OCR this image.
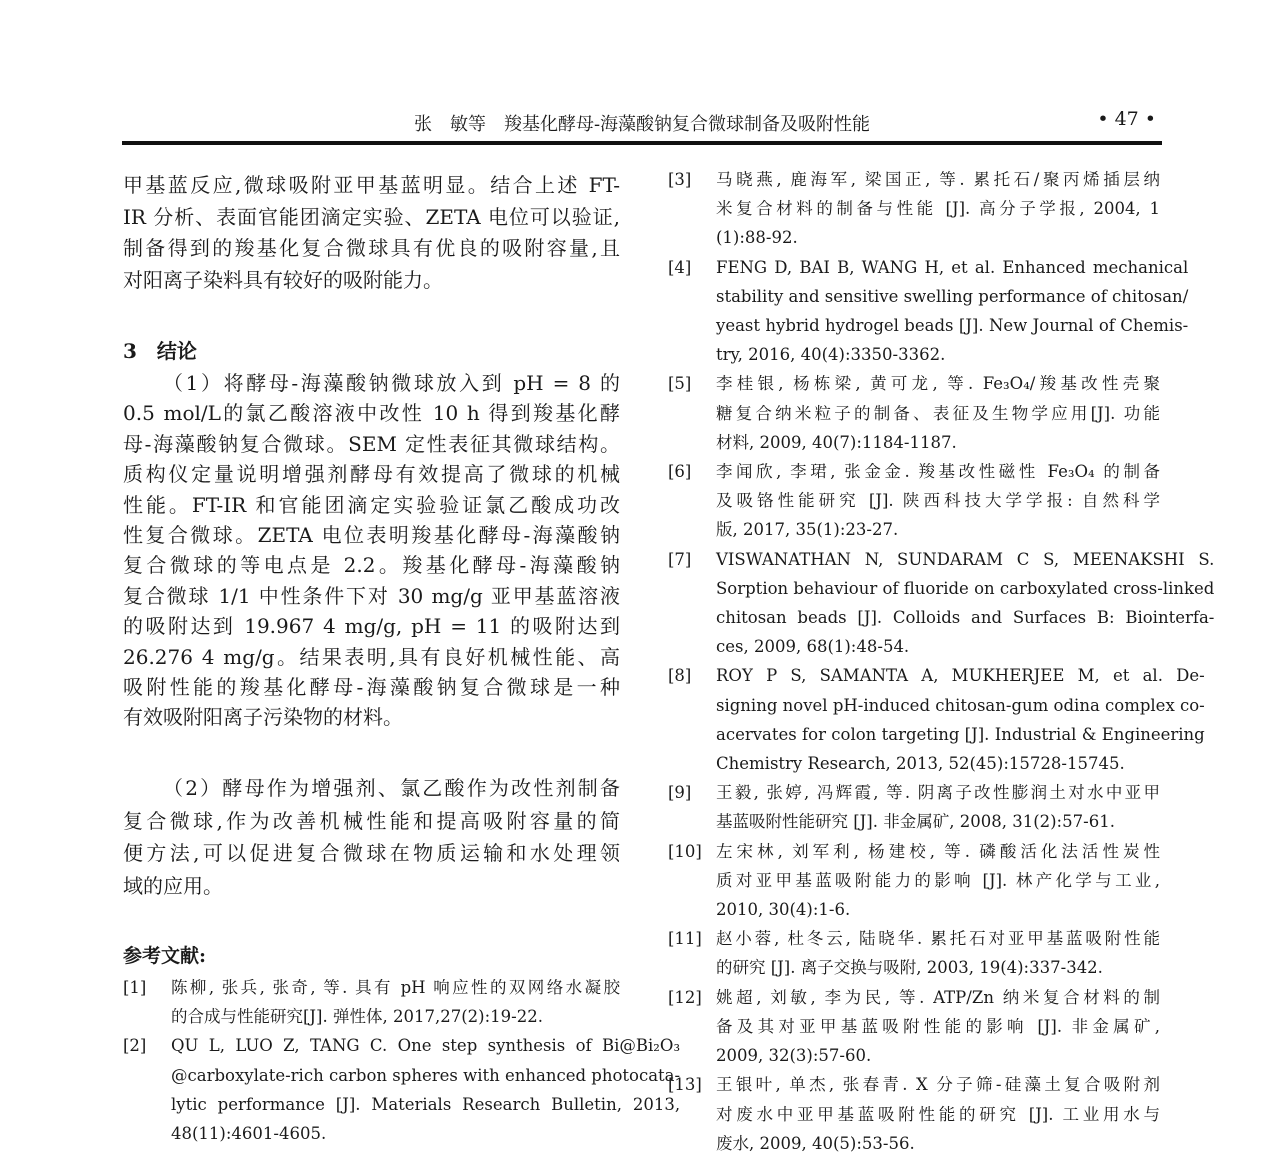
张　敏等　羧基化酵母-海藻酸钠复合微球制备及吸附性能	• 47 •
甲基蓝反应,微球吸附亚甲基蓝明显。结合上述 FT-
IR 分析、表面官能团滴定实验、ZETA 电位可以验证,
制备得到的羧基化复合微球具有优良的吸附容量,且
对阳离子染料具有较好的吸附能力。
3　结论
（1）将酵母-海藻酸钠微球放入到 pH = 8 的
0.5 mol/L的氯乙酸溶液中改性 10 h 得到羧基化酵
母-海藻酸钠复合微球。SEM 定性表征其微球结构。
质构仪定量说明增强剂酵母有效提高了微球的机械
性能。FT-IR 和官能团滴定实验验证氯乙酸成功改
性复合微球。ZETA 电位表明羧基化酵母-海藻酸钠
复合微球的等电点是 2.2。羧基化酵母-海藻酸钠
复合微球 1/1 中性条件下对 30 mg/g 亚甲基蓝溶液
的吸附达到 19.967 4 mg/g, pH = 11 的吸附达到
26.276 4 mg/g。结果表明,具有良好机械性能、高
吸附性能的羧基化酵母-海藻酸钠复合微球是一种
有效吸附阳离子污染物的材料。
（2）酵母作为增强剂、氯乙酸作为改性剂制备
复合微球,作为改善机械性能和提高吸附容量的简
便方法,可以促进复合微球在物质运输和水处理领
域的应用。
参考文献:
[1]	陈柳, 张兵, 张奇, 等. 具有 pH 响应性的双网络水凝胶
的合成与性能研究[J]. 弹性体, 2017,27(2):19-22.
[2]	QU L, LUO Z, TANG C. One step synthesis of Bi@Bi₂O₃
@carboxylate-rich carbon spheres with enhanced photocata-
lytic performance [J]. Materials Research Bulletin, 2013,
48(11):4601-4605.
[3]	马晓燕, 鹿海军, 梁国正, 等. 累托石/聚丙烯插层纳
米复合材料的制备与性能 [J]. 高分子学报, 2004, 1
(1):88-92.
[4]	FENG D, BAI B, WANG H, et al. Enhanced mechanical
stability and sensitive swelling performance of chitosan/
yeast hybrid hydrogel beads [J]. New Journal of Chemis-
try, 2016, 40(4):3350-3362.
[5]	李桂银, 杨栋梁, 黄可龙, 等. Fe₃O₄/羧基改性壳聚
糖复合纳米粒子的制备、表征及生物学应用[J]. 功能
材料, 2009, 40(7):1184-1187.
[6]	李闻欣, 李珺, 张金金. 羧基改性磁性 Fe₃O₄ 的制备
及吸铬性能研究 [J]. 陕西科技大学学报: 自然科学
版, 2017, 35(1):23-27.
[7]	VISWANATHAN N, SUNDARAM C S, MEENAKSHI S.
Sorption behaviour of fluoride on carboxylated cross-linked
chitosan beads [J]. Colloids and Surfaces B: Biointerfa-
ces, 2009, 68(1):48-54.
[8]	ROY P S, SAMANTA A, MUKHERJEE M, et al. De-
signing novel pH-induced chitosan-gum odina complex co-
acervates for colon targeting [J]. Industrial & Engineering
Chemistry Research, 2013, 52(45):15728-15745.
[9]	王毅, 张婷, 冯辉霞, 等. 阴离子改性膨润土对水中亚甲
基蓝吸附性能研究 [J]. 非金属矿, 2008, 31(2):57-61.
[10] 左宋林, 刘军利, 杨建校, 等. 磷酸活化法活性炭性
质对亚甲基蓝吸附能力的影响 [J]. 林产化学与工业,
2010, 30(4):1-6.
[11] 赵小蓉, 杜冬云, 陆晓华. 累托石对亚甲基蓝吸附性能
的研究 [J]. 离子交换与吸附, 2003, 19(4):337-342.
[12] 姚超, 刘敏, 李为民, 等. ATP/Zn 纳米复合材料的制
备及其对亚甲基蓝吸附性能的影响 [J]. 非金属矿,
2009, 32(3):57-60.
[13] 王银叶, 单杰, 张春青. X 分子筛-硅藻土复合吸附剂
对废水中亚甲基蓝吸附性能的研究 [J]. 工业用水与
废水, 2009, 40(5):53-56.
